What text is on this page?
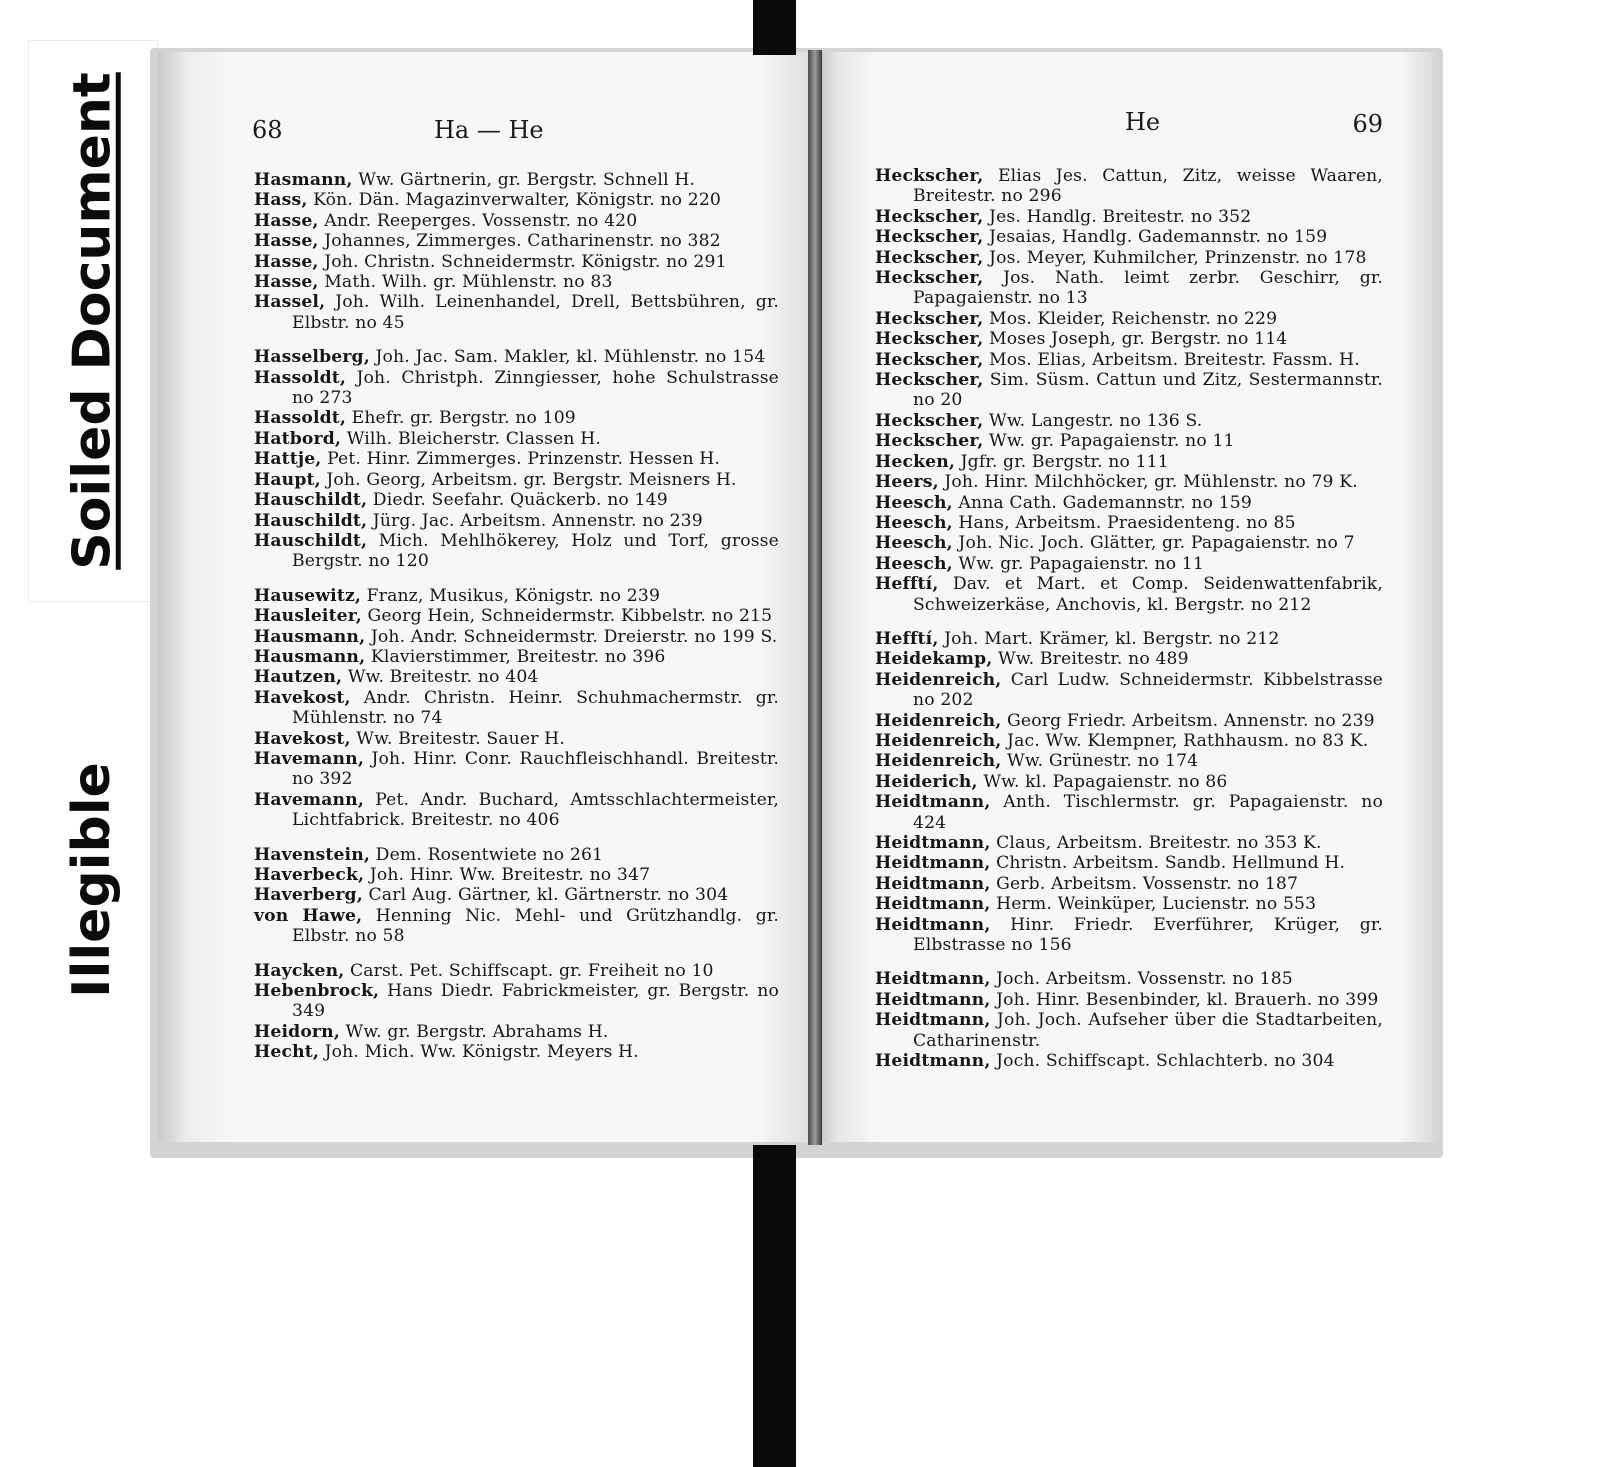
Soiled Document
Illegible
68	Ha — He
Hasmann, Ww. Gärtnerin, gr. Bergstr. Schnell H.
Hass, Kön. Dän. Magazinverwalter, Königstr. no 220
Hasse, Andr. Reeperges. Vossenstr. no 420
Hasse, Johannes, Zimmerges. Catharinenstr. no 382
Hasse, Joh. Christn. Schneidermstr. Königstr. no 291
Hasse, Math. Wilh. gr. Mühlenstr. no 83
Hassel, Joh. Wilh. Leinenhandel, Drell, Bettsbühren, gr. Elbstr. no 45
Hasselberg, Joh. Jac. Sam. Makler, kl. Mühlenstr. no 154
Hassoldt, Joh. Christph. Zinngiesser, hohe Schulstrasse no 273
Hassoldt, Ehefr. gr. Bergstr. no 109
Hatbord, Wilh. Bleicherstr. Classen H.
Hattje, Pet. Hinr. Zimmerges. Prinzenstr. Hessen H.
Haupt, Joh. Georg, Arbeitsm. gr. Bergstr. Meisners H.
Hauschildt, Diedr. Seefahr. Quäckerb. no 149
Hauschildt, Jürg. Jac. Arbeitsm. Annenstr. no 239
Hauschildt, Mich. Mehlhökerey, Holz und Torf, grosse Bergstr. no 120
Hausewitz, Franz, Musikus, Königstr. no 239
Hausleiter, Georg Hein, Schneidermstr. Kibbelstr. no 215
Hausmann, Joh. Andr. Schneidermstr. Dreierstr. no 199 S.
Hausmann, Klavierstimmer, Breitestr. no 396
Hautzen, Ww. Breitestr. no 404
Havekost, Andr. Christn. Heinr. Schuhmachermstr. gr. Mühlenstr. no 74
Havekost, Ww. Breitestr. Sauer H.
Havemann, Joh. Hinr. Conr. Rauchfleischhandl. Breitestr. no 392
Havemann, Pet. Andr. Buchard, Amtsschlachtermeister, Lichtfabrick. Breitestr. no 406
Havenstein, Dem. Rosentwiete no 261
Haverbeck, Joh. Hinr. Ww. Breitestr. no 347
Haverberg, Carl Aug. Gärtner, kl. Gärtnerstr. no 304
von Hawe, Henning Nic. Mehl- und Grützhandlg. gr. Elbstr. no 58
Haycken, Carst. Pet. Schiffscapt. gr. Freiheit no 10
Hebenbrock, Hans Diedr. Fabrickmeister, gr. Bergstr. no 349
Heidorn, Ww. gr. Bergstr. Abrahams H.
Hecht, Joh. Mich. Ww. Königstr. Meyers H.
He	69
Heckscher, Elias Jes. Cattun, Zitz, weisse Waaren, Breitestr. no 296
Heckscher, Jes. Handlg. Breitestr. no 352
Heckscher, Jesaias, Handlg. Gademannstr. no 159
Heckscher, Jos. Meyer, Kuhmilcher, Prinzenstr. no 178
Heckscher, Jos. Nath. leimt zerbr. Geschirr, gr. Papagaienstr. no 13
Heckscher, Mos. Kleider, Reichenstr. no 229
Heckscher, Moses Joseph, gr. Bergstr. no 114
Heckscher, Mos. Elias, Arbeitsm. Breitestr. Fassm. H.
Heckscher, Sim. Süsm. Cattun und Zitz, Sestermannstr. no 20
Heckscher, Ww. Langestr. no 136 S.
Heckscher, Ww. gr. Papagaienstr. no 11
Hecken, Jgfr. gr. Bergstr. no 111
Heers, Joh. Hinr. Milchhöcker, gr. Mühlenstr. no 79 K.
Heesch, Anna Cath. Gademannstr. no 159
Heesch, Hans, Arbeitsm. Praesidenteng. no 85
Heesch, Joh. Nic. Joch. Glätter, gr. Papagaienstr. no 7
Heesch, Ww. gr. Papagaienstr. no 11
Hefftí, Dav. et Mart. et Comp. Seidenwattenfabrik, Schweizerkäse, Anchovis, kl. Bergstr. no 212
Hefftí, Joh. Mart. Krämer, kl. Bergstr. no 212
Heidekamp, Ww. Breitestr. no 489
Heidenreich, Carl Ludw. Schneidermstr. Kibbelstrasse no 202
Heidenreich, Georg Friedr. Arbeitsm. Annenstr. no 239
Heidenreich, Jac. Ww. Klempner, Rathhausm. no 83 K.
Heidenreich, Ww. Grünestr. no 174
Heiderich, Ww. kl. Papagaienstr. no 86
Heidtmann, Anth. Tischlermstr. gr. Papagaienstr. no 424
Heidtmann, Claus, Arbeitsm. Breitestr. no 353 K.
Heidtmann, Christn. Arbeitsm. Sandb. Hellmund H.
Heidtmann, Gerb. Arbeitsm. Vossenstr. no 187
Heidtmann, Herm. Weinküper, Lucienstr. no 553
Heidtmann, Hinr. Friedr. Everführer, Krüger, gr. Elbstrasse no 156
Heidtmann, Joch. Arbeitsm. Vossenstr. no 185
Heidtmann, Joh. Hinr. Besenbinder, kl. Brauerh. no 399
Heidtmann, Joh. Joch. Aufseher über die Stadtarbeiten, Catharinenstr.
Heidtmann, Joch. Schiffscapt. Schlachterb. no 304
